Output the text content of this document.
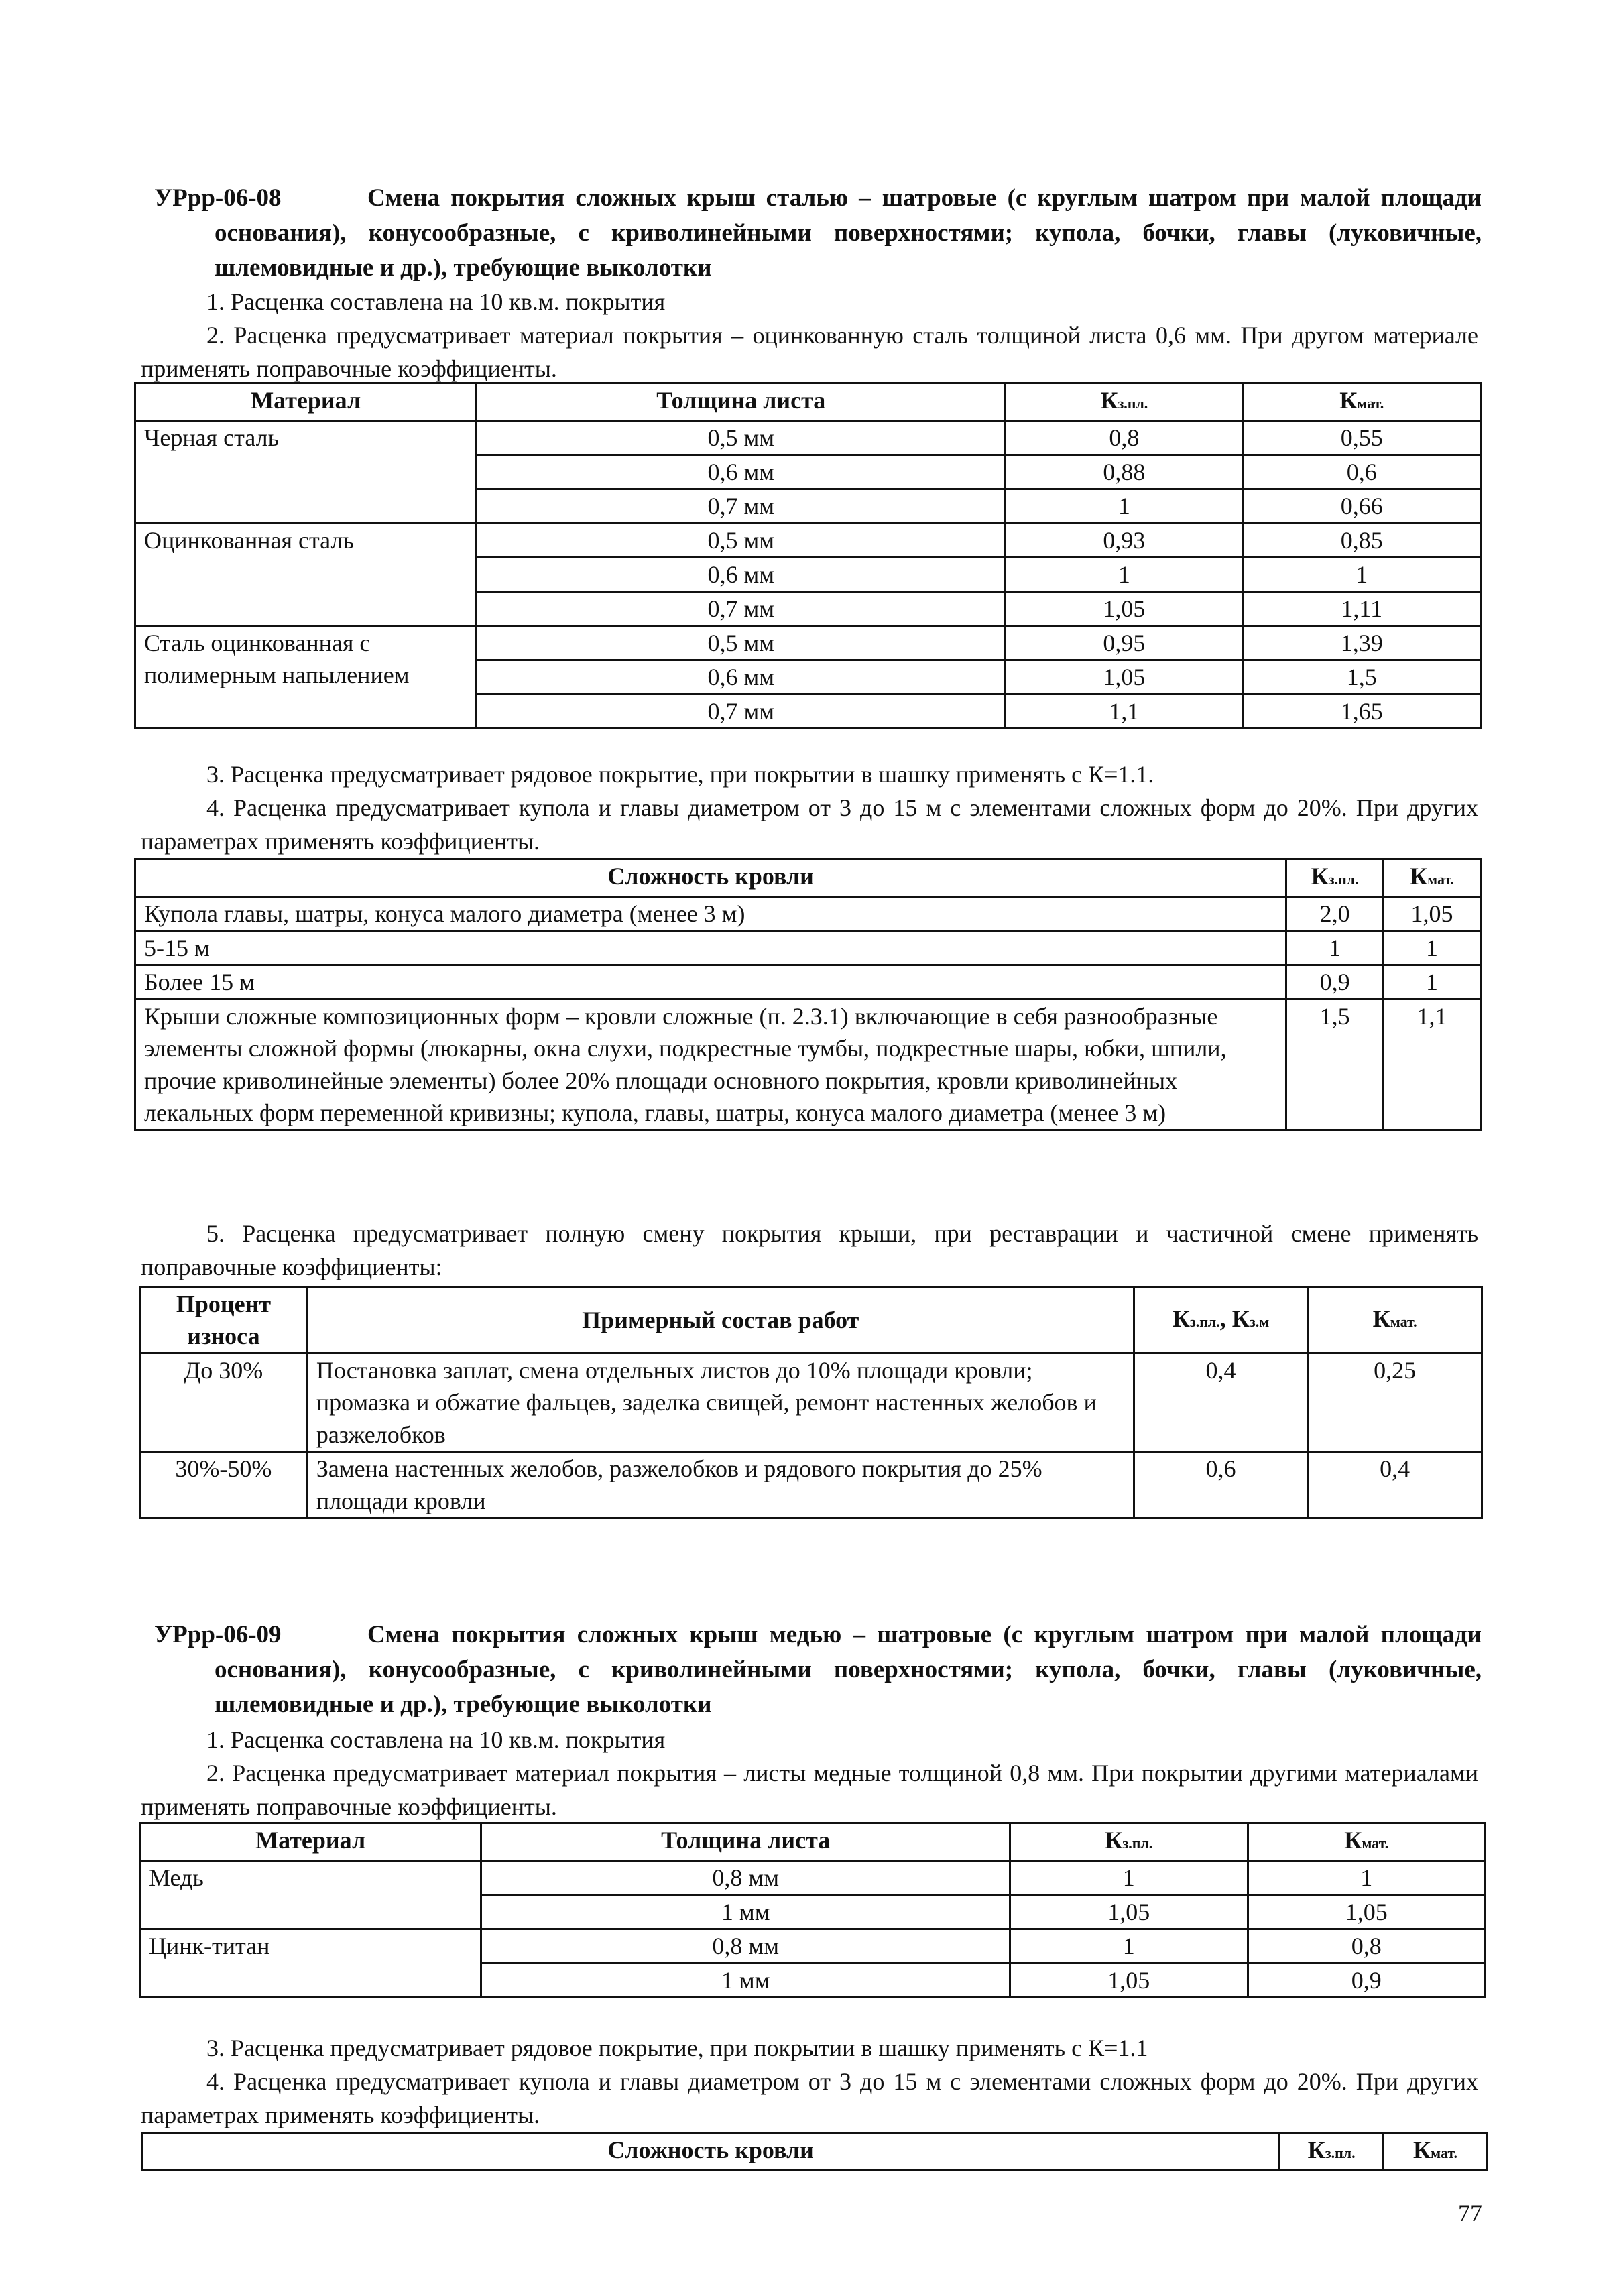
УРрр-06-08	Смена покрытия сложных крыш сталью – шатровые (с круглым шатром при малой площади основания), конусообразные, с криволинейными поверхностями; купола, бочки, главы (луковичные, шлемовидные и др.), требующие выколотки
1. Расценка составлена на 10 кв.м. покрытия
2. Расценка предусматривает материал покрытия – оцинкованную сталь толщиной листа 0,6 мм. При другом материале применять поправочные коэффициенты.
Материал	Толщина листа	Кз.пл.	Кмат.
Черная сталь	0,5 мм	0,8	0,55
	0,6 мм	0,88	0,6
	0,7 мм	1	0,66
Оцинкованная сталь	0,5 мм	0,93	0,85
	0,6 мм	1	1
	0,7 мм	1,05	1,11
Сталь оцинкованная с полимерным напылением	0,5 мм	0,95	1,39
	0,6 мм	1,05	1,5
	0,7 мм	1,1	1,65
3. Расценка предусматривает рядовое покрытие, при покрытии в шашку применять с К=1.1.
4. Расценка предусматривает купола и главы диаметром от 3 до 15 м с элементами сложных форм до 20%. При других параметрах применять коэффициенты.
Сложность кровли	Кз.пл.	Кмат.
Купола главы, шатры, конуса малого диаметра (менее 3 м)	2,0	1,05
5-15 м	1	1
Более 15 м	0,9	1
Крыши сложные композиционных форм – кровли сложные (п. 2.3.1) включающие в себя разнообразные элементы сложной формы (люкарны, окна слухи, подкрестные тумбы, подкрестные шары, юбки, шпили, прочие криволинейные элементы) более 20% площади основного покрытия, кровли криволинейных лекальных форм переменной кривизны; купола, главы, шатры, конуса малого диаметра (менее 3 м)	1,5	1,1
5. Расценка предусматривает полную смену покрытия крыши, при реставрации и частичной смене применять поправочные коэффициенты:
Процент износа	Примерный состав работ	Кз.пл., Кз.м	Кмат.
До 30%	Постановка заплат, смена отдельных листов до 10% площади кровли; промазка и обжатие фальцев, заделка свищей, ремонт настенных желобов и разжелобков	0,4	0,25
30%-50%	Замена настенных желобов, разжелобков и рядового покрытия до 25% площади кровли	0,6	0,4
УРрр-06-09	Смена покрытия сложных крыш медью – шатровые (с круглым шатром при малой площади основания), конусообразные, с криволинейными поверхностями; купола, бочки, главы (луковичные, шлемовидные и др.), требующие выколотки
1. Расценка составлена на 10 кв.м. покрытия
2. Расценка предусматривает материал покрытия – листы медные толщиной 0,8 мм. При покрытии другими материалами применять поправочные коэффициенты.
Материал	Толщина листа	Кз.пл.	Кмат.
Медь	0,8 мм	1	1
	1 мм	1,05	1,05
Цинк-титан	0,8 мм	1	0,8
	1 мм	1,05	0,9
3. Расценка предусматривает рядовое покрытие, при покрытии в шашку применять с К=1.1
4. Расценка предусматривает купола и главы диаметром от 3 до 15 м с элементами сложных форм до 20%. При других параметрах применять коэффициенты.
Сложность кровли	Кз.пл.	Кмат.
77
